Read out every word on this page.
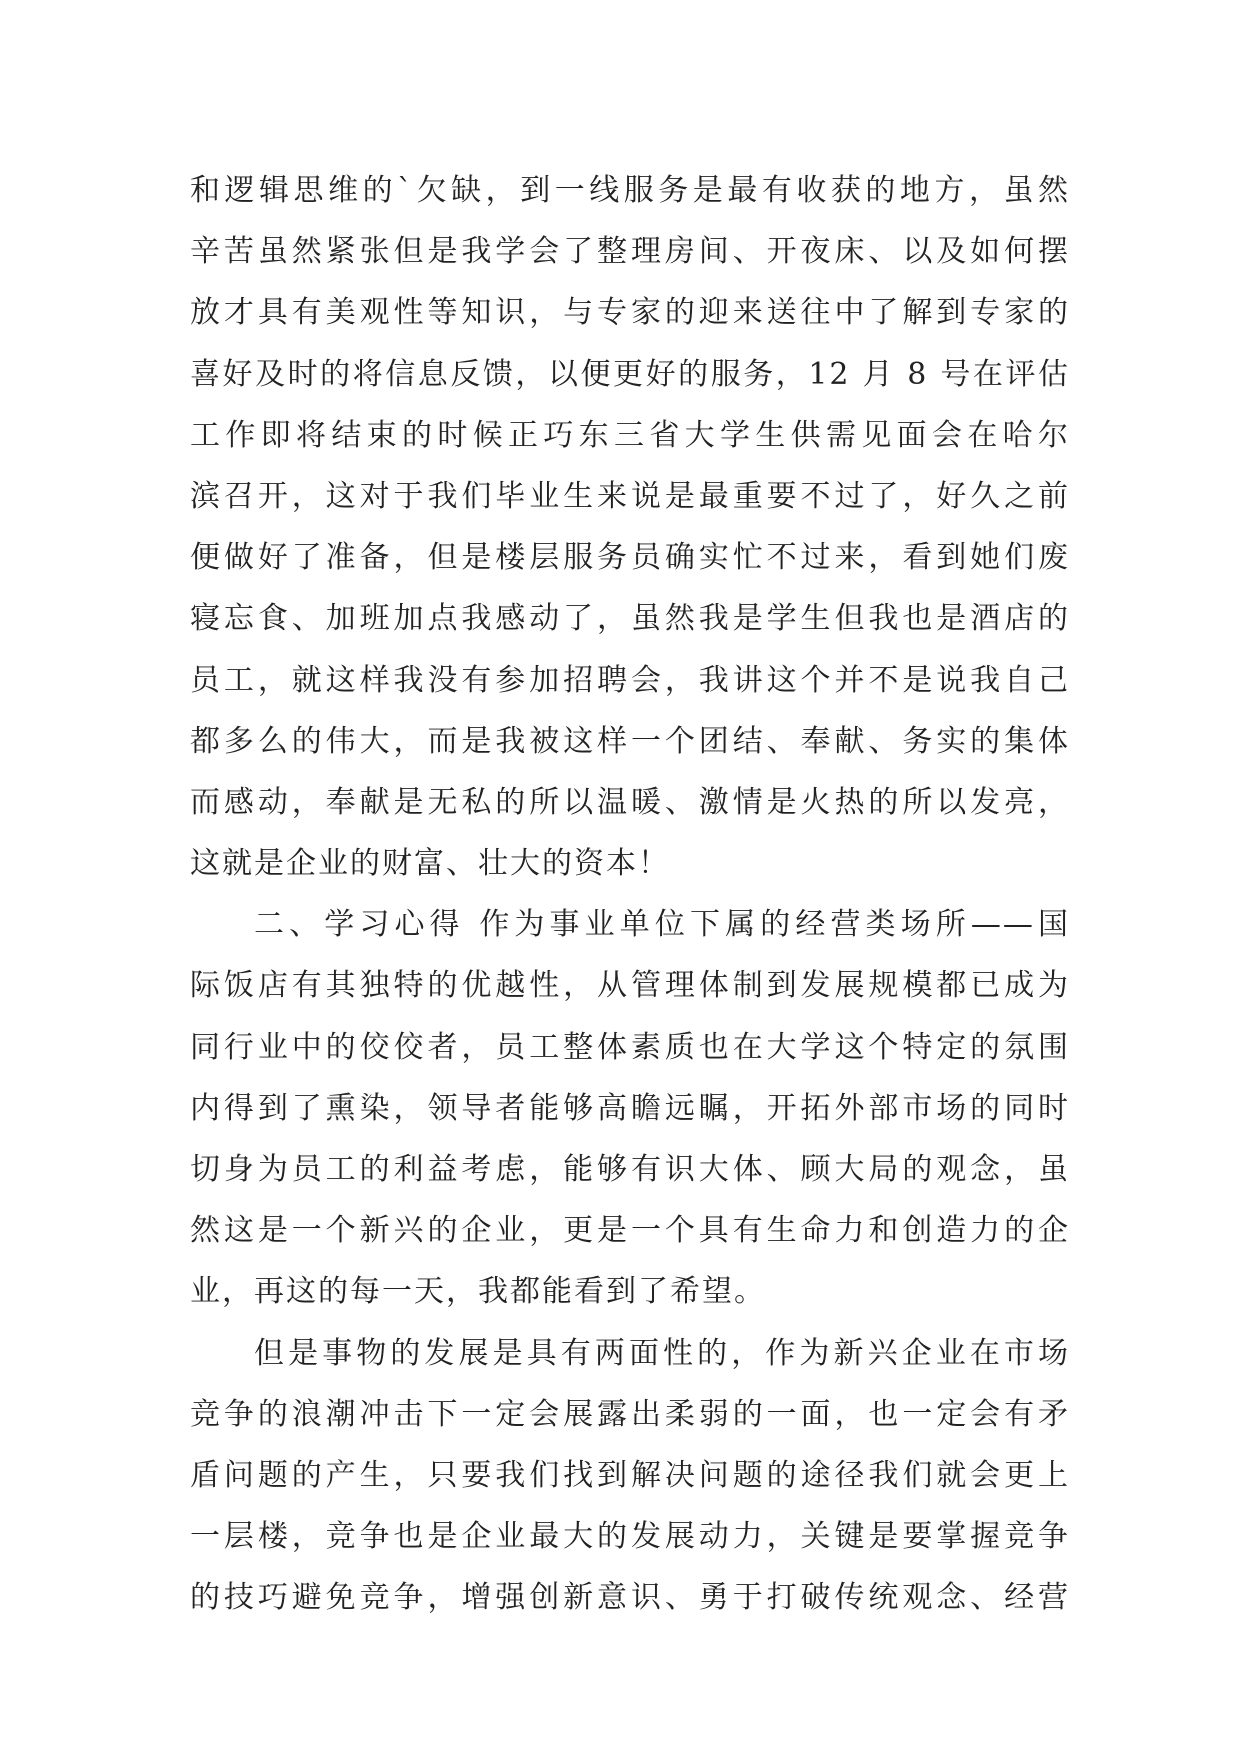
和逻辑思维的`欠缺，到一线服务是最有收获的地方，虽然
辛苦虽然紧张但是我学会了整理房间、开夜床、以及如何摆
放才具有美观性等知识，与专家的迎来送往中了解到专家的
喜好及时的将信息反馈，以便更好的服务，12 月 8 号在评估
工作即将结束的时候正巧东三省大学生供需见面会在哈尔
滨召开，这对于我们毕业生来说是最重要不过了，好久之前
便做好了准备，但是楼层服务员确实忙不过来，看到她们废
寝忘食、加班加点我感动了，虽然我是学生但我也是酒店的
员工，就这样我没有参加招聘会，我讲这个并不是说我自己
都多么的伟大，而是我被这样一个团结、奉献、务实的集体
而感动，奉献是无私的所以温暖、激情是火热的所以发亮，
这就是企业的财富、壮大的资本！
二、学习心得 作为事业单位下属的经营类场所——国
际饭店有其独特的优越性，从管理体制到发展规模都已成为
同行业中的佼佼者，员工整体素质也在大学这个特定的氛围
内得到了熏染，领导者能够高瞻远瞩，开拓外部市场的同时
切身为员工的利益考虑，能够有识大体、顾大局的观念，虽
然这是一个新兴的企业，更是一个具有生命力和创造力的企
业，再这的每一天，我都能看到了希望。
但是事物的发展是具有两面性的，作为新兴企业在市场
竞争的浪潮冲击下一定会展露出柔弱的一面，也一定会有矛
盾问题的产生，只要我们找到解决问题的途径我们就会更上
一层楼，竞争也是企业最大的发展动力，关键是要掌握竞争
的技巧避免竞争，增强创新意识、勇于打破传统观念、经营
